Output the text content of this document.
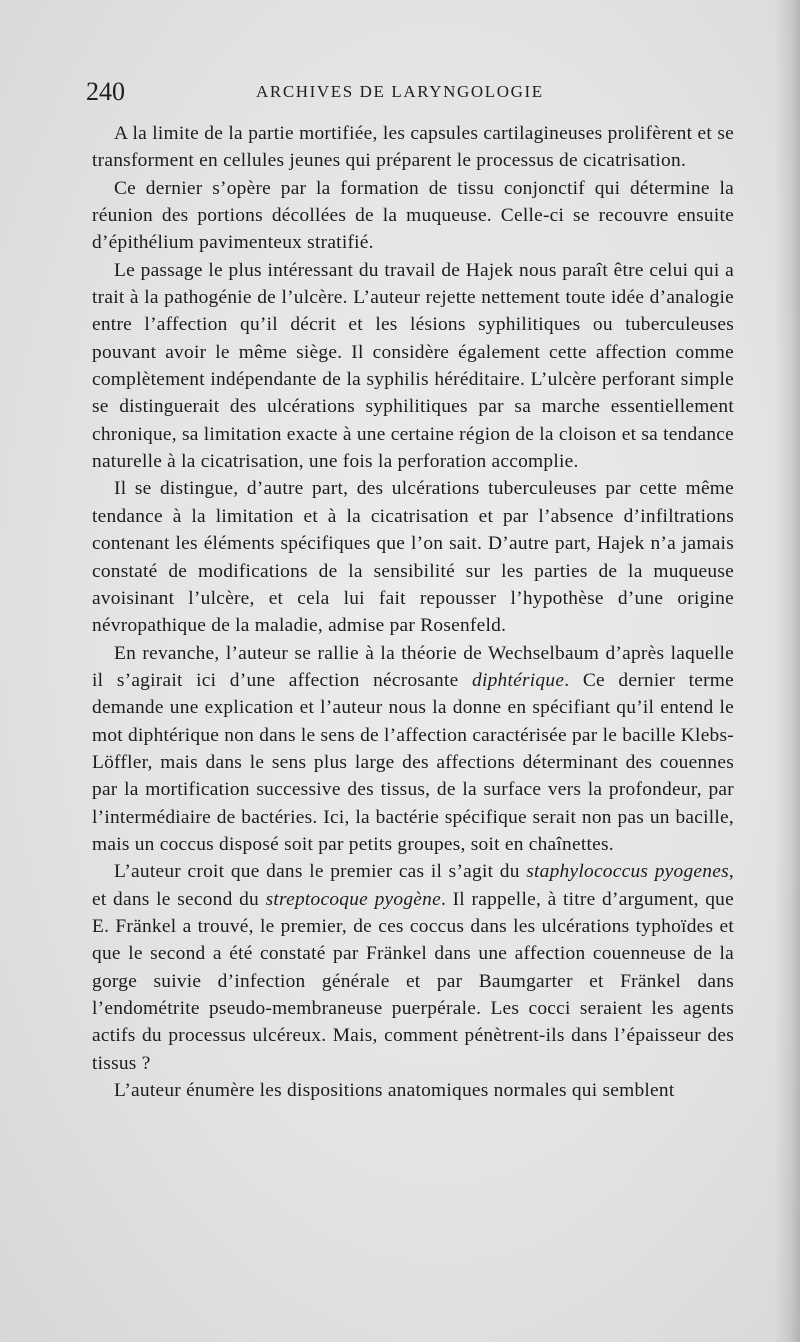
240	ARCHIVES DE LARYNGOLOGIE

A la limite de la partie mortifiée, les capsules cartilagineuses prolifèrent et se transforment en cellules jeunes qui préparent le processus de cicatrisation.

Ce dernier s’opère par la formation de tissu conjonctif qui détermine la réunion des portions décollées de la muqueuse. Celle-ci se recouvre ensuite d’épithélium pavimenteux stratifié.

Le passage le plus intéressant du travail de Hajek nous paraît être celui qui a trait à la pathogénie de l’ulcère. L’auteur rejette nettement toute idée d’analogie entre l’affection qu’il décrit et les lésions syphilitiques ou tuberculeuses pouvant avoir le même siège. Il considère également cette affection comme complètement indépendante de la syphilis héréditaire. L’ulcère perforant simple se distinguerait des ulcérations syphilitiques par sa marche essentiellement chronique, sa limitation exacte à une certaine région de la cloison et sa tendance naturelle à la cicatrisation, une fois la perforation accomplie.

Il se distingue, d’autre part, des ulcérations tuberculeuses par cette même tendance à la limitation et à la cicatrisation et par l’absence d’infiltrations contenant les éléments spécifiques que l’on sait. D’autre part, Hajek n’a jamais constaté de modifications de la sensibilité sur les parties de la muqueuse avoisinant l’ulcère, et cela lui fait repousser l’hypothèse d’une origine névropathique de la maladie, admise par Rosenfeld.

En revanche, l’auteur se rallie à la théorie de Wechselbaum d’après laquelle il s’agirait ici d’une affection nécrosante diphtérique. Ce dernier terme demande une explication et l’auteur nous la donne en spécifiant qu’il entend le mot diphtérique non dans le sens de l’affection caractérisée par le bacille Klebs-Löffler, mais dans le sens plus large des affections déterminant des couennes par la mortification successive des tissus, de la surface vers la profondeur, par l’intermédiaire de bactéries. Ici, la bactérie spécifique serait non pas un bacille, mais un coccus disposé soit par petits groupes, soit en chaînettes.

L’auteur croit que dans le premier cas il s’agit du staphylococcus pyogenes, et dans le second du streptocoque pyogène. Il rappelle, à titre d’argument, que E. Fränkel a trouvé, le premier, de ces coccus dans les ulcérations typhoïdes et que le second a été constaté par Fränkel dans une affection couenneuse de la gorge suivie d’infection générale et par Baumgarter et Fränkel dans l’endométrite pseudo-membraneuse puerpérale. Les cocci seraient les agents actifs du processus ulcéreux. Mais, comment pénètrent-ils dans l’épaisseur des tissus ?

L’auteur énumère les dispositions anatomiques normales qui semblent
